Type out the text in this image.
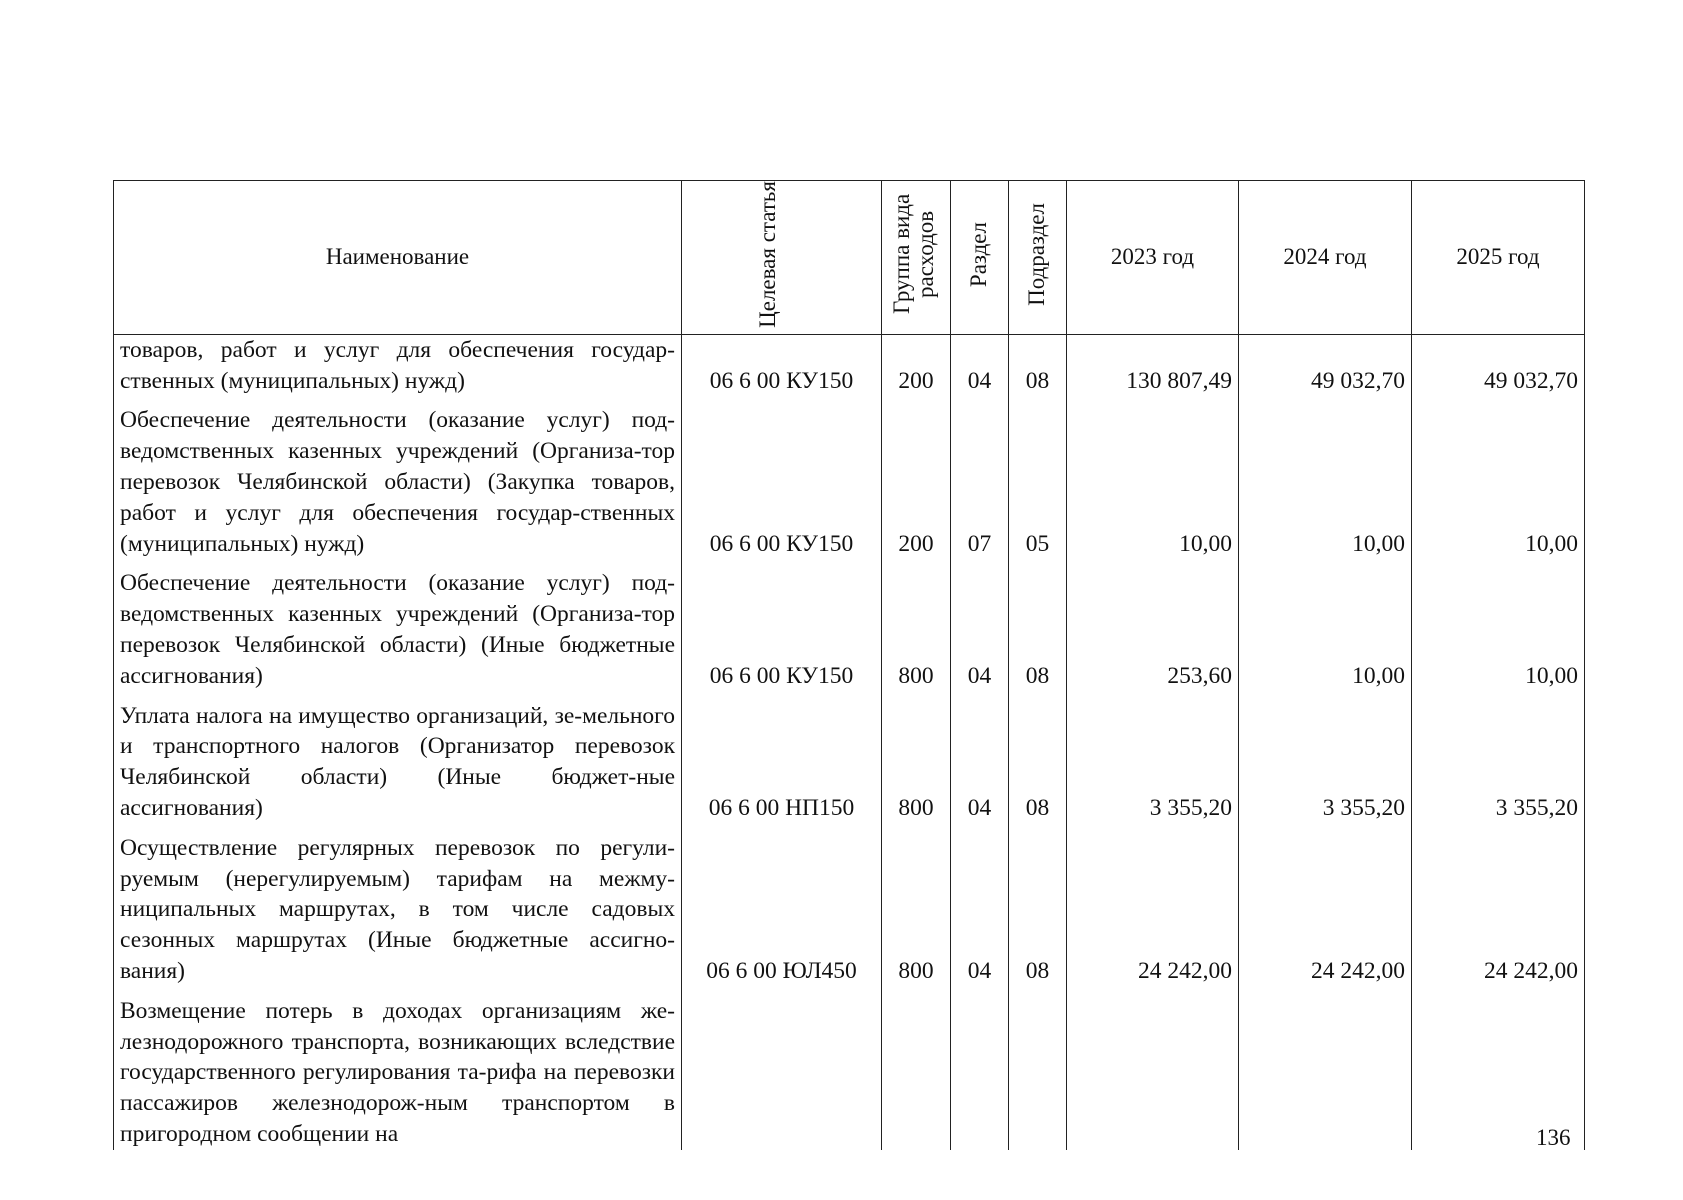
Наименование	Целевая статья	Группа вида расходов	Раздел	Подраздел	2023 год	2024 год	2025 год
товаров, работ и услуг для обеспечения государ-ственных (муниципальных) нужд)	06 6 00 КУ150	200	04	08	130 807,49	49 032,70	49 032,70
Обеспечение деятельности (оказание услуг) под-ведомственных казенных учреждений (Организа-тор перевозок Челябинской области) (Закупка товаров, работ и услуг для обеспечения государ-ственных (муниципальных) нужд)	06 6 00 КУ150	200	07	05	10,00	10,00	10,00
Обеспечение деятельности (оказание услуг) под-ведомственных казенных учреждений (Организа-тор перевозок Челябинской области) (Иные бюджетные ассигнования)	06 6 00 КУ150	800	04	08	253,60	10,00	10,00
Уплата налога на имущество организаций, зе-мельного и транспортного налогов (Организатор перевозок Челябинской области) (Иные бюджет-ные ассигнования)	06 6 00 НП150	800	04	08	3 355,20	3 355,20	3 355,20
Осуществление регулярных перевозок по регули-руемым (нерегулируемым) тарифам на межму-ниципальных маршрутах, в том числе садовых сезонных маршрутах (Иные бюджетные ассигно-вания)	06 6 00 ЮЛ450	800	04	08	24 242,00	24 242,00	24 242,00
Возмещение потерь в доходах организациям же-лезнодорожного транспорта, возникающих вследствие государственного регулирования та-рифа на перевозки пассажиров железнодорож-ным транспортом в пригородном сообщении на								136
